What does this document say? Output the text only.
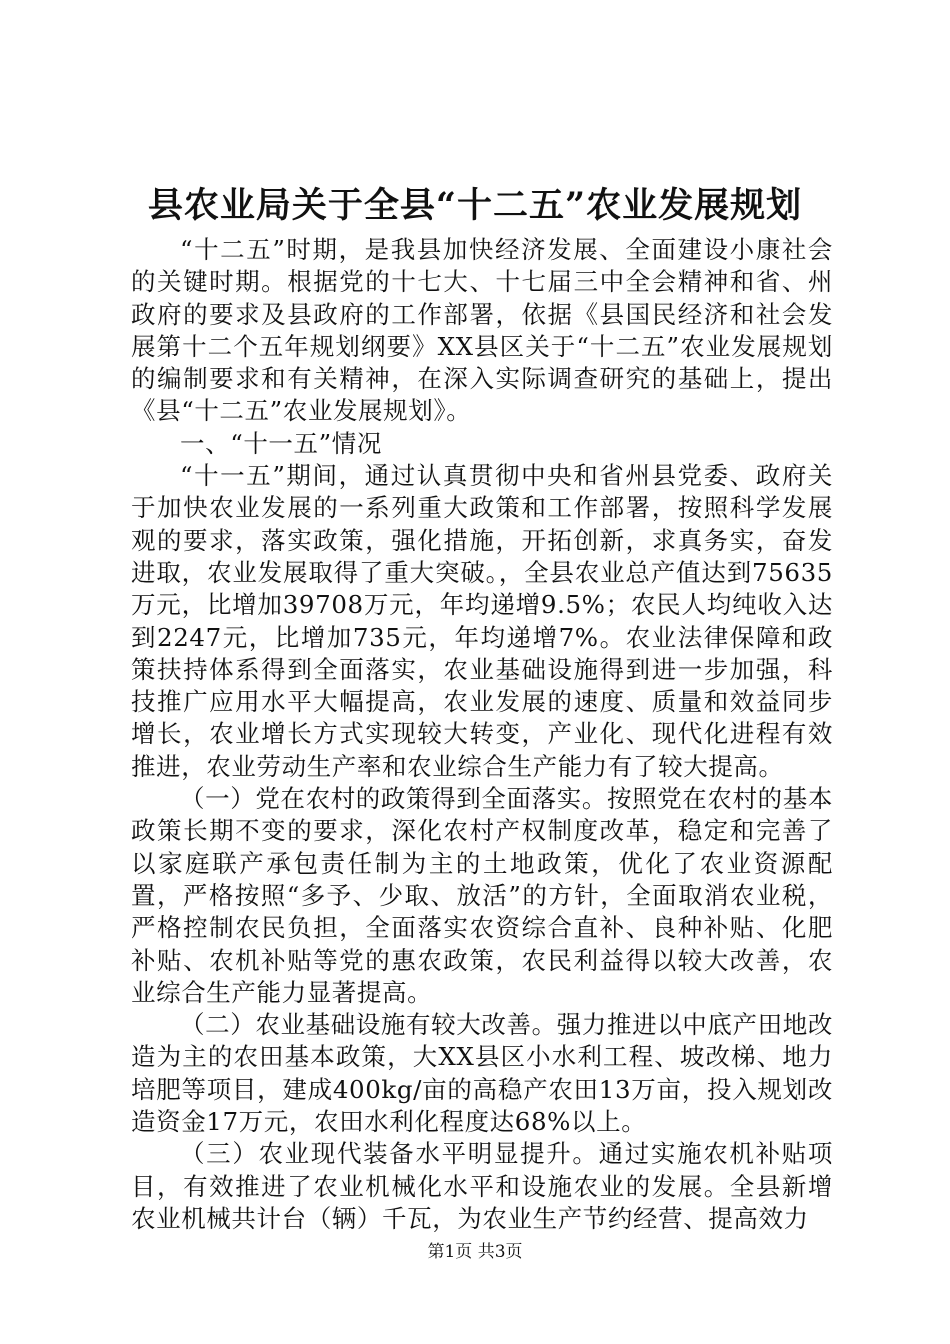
县农业局关于全县“十二五”农业发展规划

“十二五”时期，是我县加快经济发展、全面建设小康社会的关键时期。根据党的十七大、十七届三中全会精神和省、州政府的要求及县政府的工作部署，依据《县国民经济和社会发展第十二个五年规划纲要》XX县区关于“十二五”农业发展规划的编制要求和有关精神，在深入实际调查研究的基础上，提出《县“十二五”农业发展规划》。

一、“十一五”情况

“十一五”期间，通过认真贯彻中央和省州县党委、政府关于加快农业发展的一系列重大政策和工作部署，按照科学发展观的要求，落实政策，强化措施，开拓创新，求真务实，奋发进取，农业发展取得了重大突破。，全县农业总产值达到75635万元，比增加39708万元，年均递增9.5%；农民人均纯收入达到2247元，比增加735元，年均递增7%。农业法律保障和政策扶持体系得到全面落实，农业基础设施得到进一步加强，科技推广应用水平大幅提高，农业发展的速度、质量和效益同步增长，农业增长方式实现较大转变，产业化、现代化进程有效推进，农业劳动生产率和农业综合生产能力有了较大提高。

（一）党在农村的政策得到全面落实。按照党在农村的基本政策长期不变的要求，深化农村产权制度改革，稳定和完善了以家庭联产承包责任制为主的土地政策，优化了农业资源配置，严格按照“多予、少取、放活”的方针，全面取消农业税，严格控制农民负担，全面落实农资综合直补、良种补贴、化肥补贴、农机补贴等党的惠农政策，农民利益得以较大改善，农业综合生产能力显著提高。

（二）农业基础设施有较大改善。强力推进以中底产田地改造为主的农田基本政策，大XX县区小水利工程、坡改梯、地力培肥等项目，建成400kg/亩的高稳产农田13万亩，投入规划改造资金17万元，农田水利化程度达68%以上。

（三）农业现代装备水平明显提升。通过实施农机补贴项目，有效推进了农业机械化水平和设施农业的发展。全县新增农业机械共计台（辆）千瓦，为农业生产节约经营、提高效力

第1页 共3页
